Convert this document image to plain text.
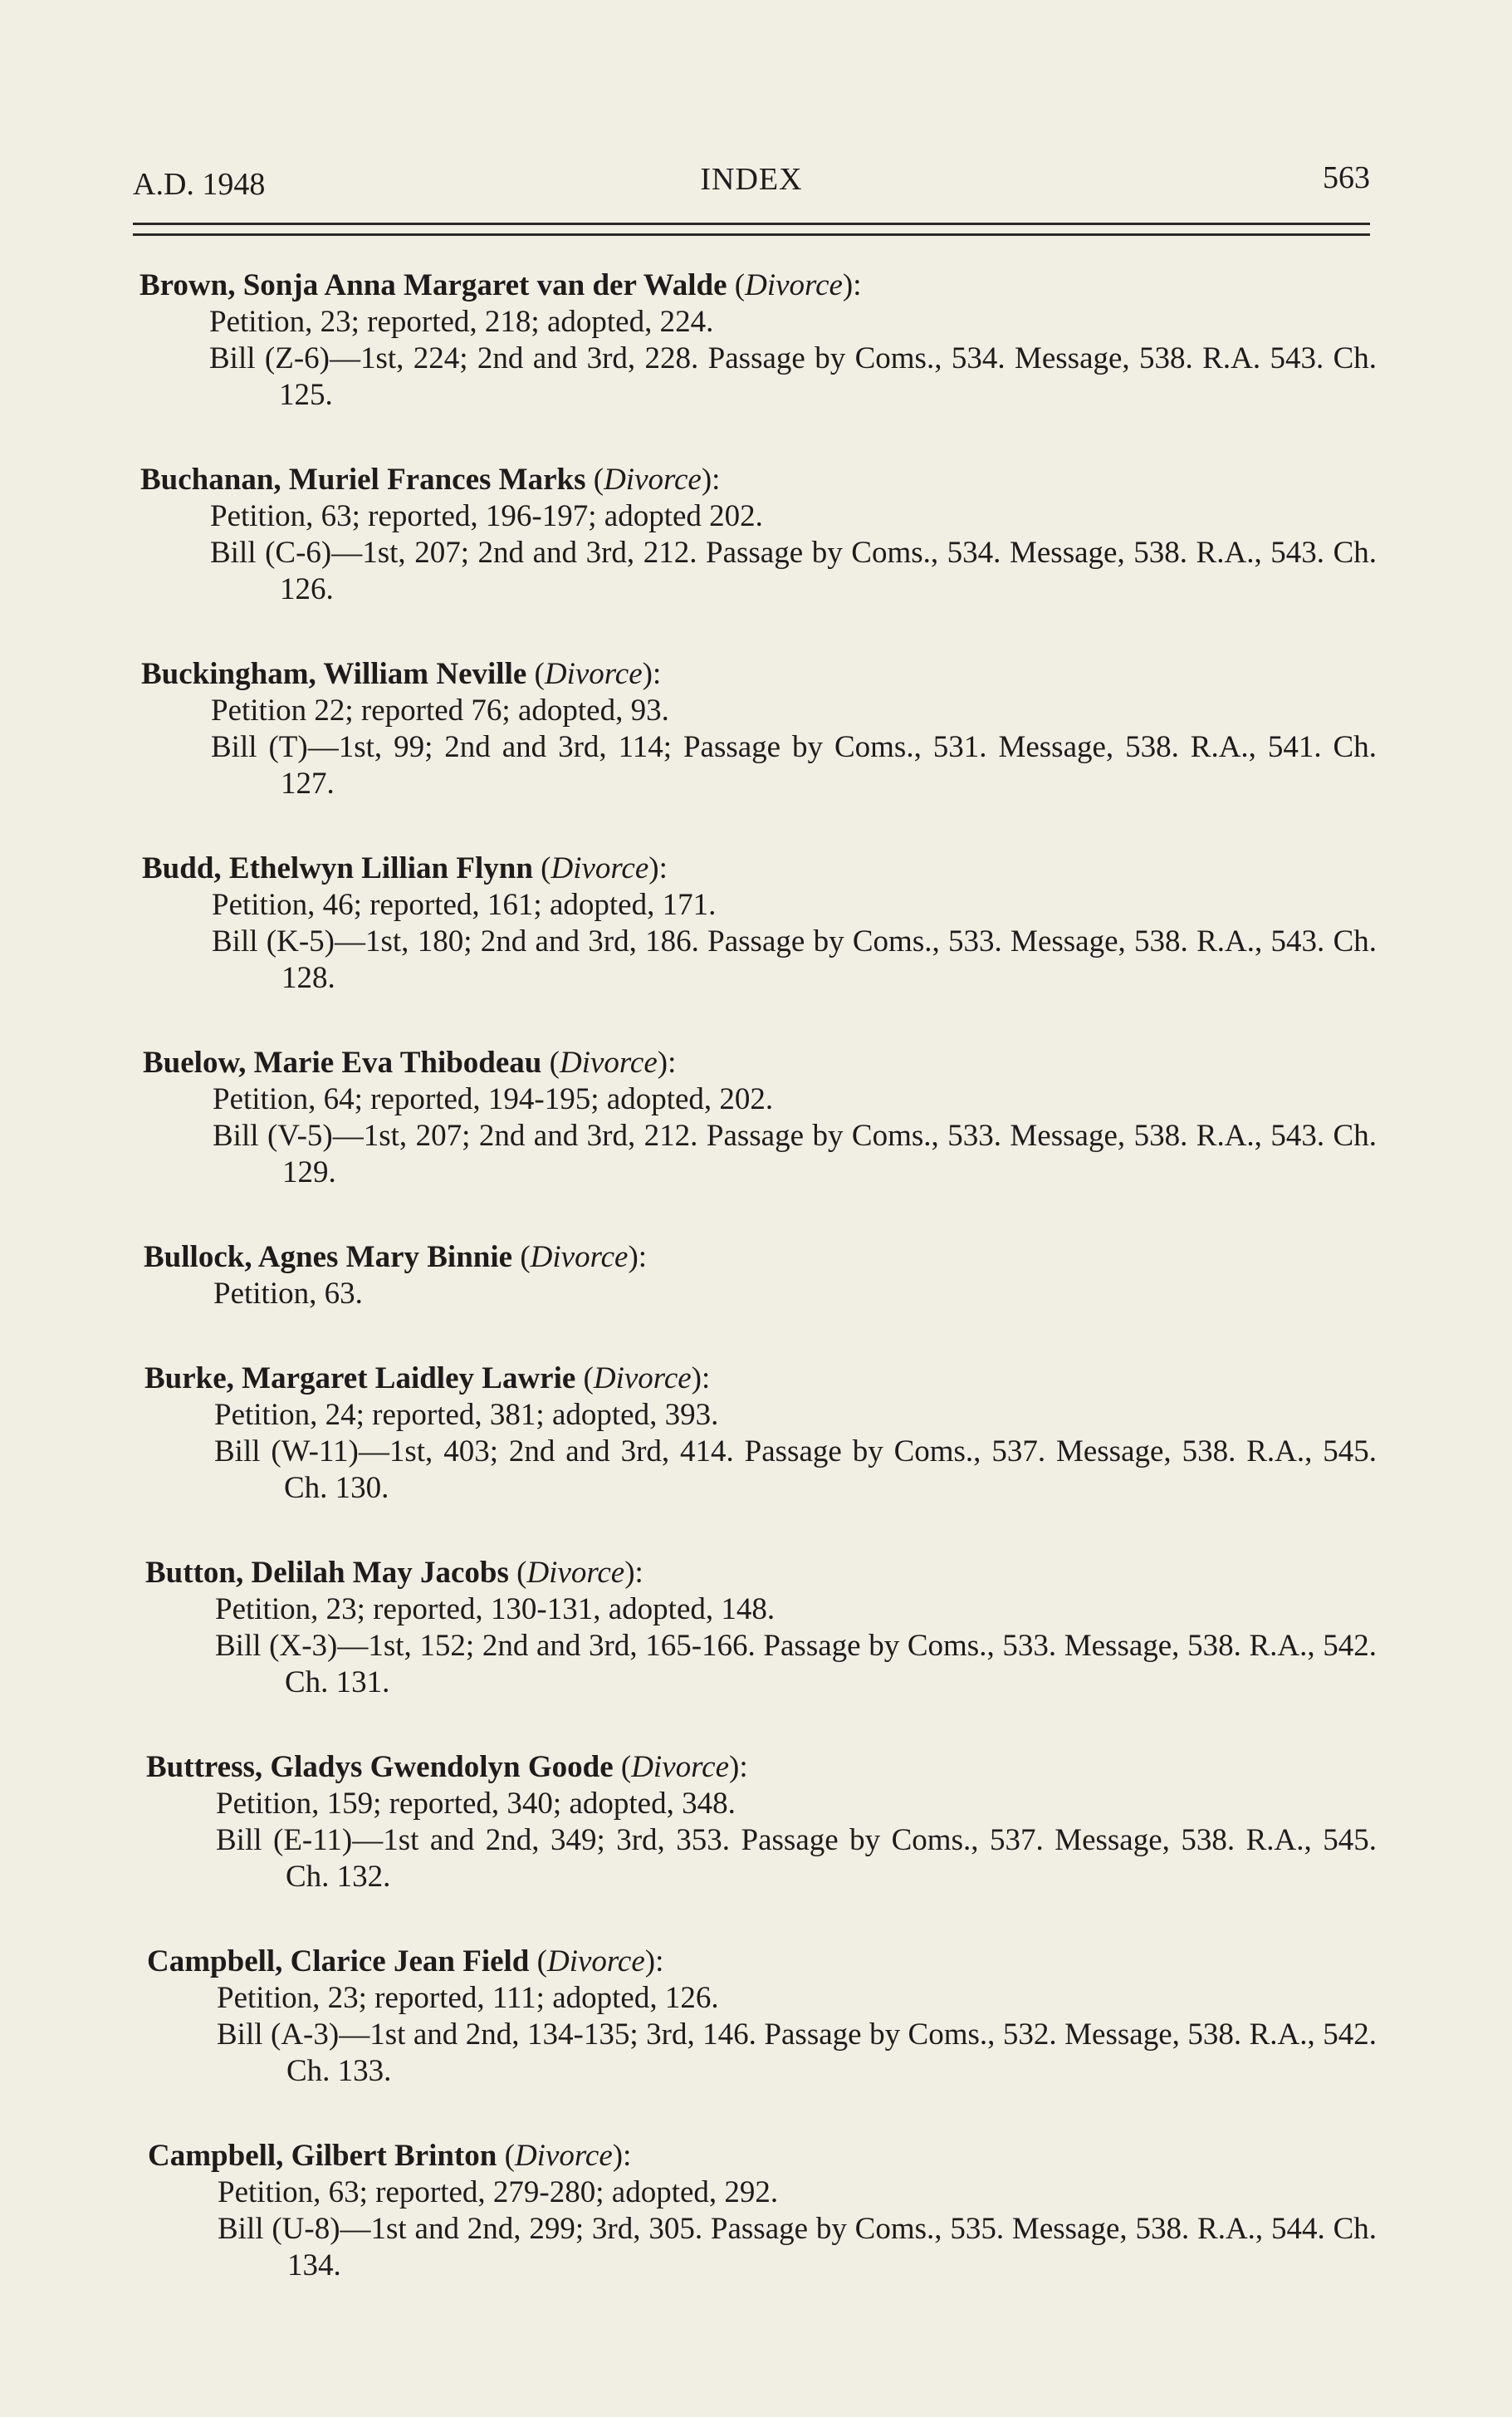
A.D. 1948	INDEX	563
Brown, Sonja Anna Margaret van der Walde (Divorce):
Petition, 23; reported, 218; adopted, 224.
Bill (Z-6)—1st, 224; 2nd and 3rd, 228. Passage by Coms., 534. Message, 538. R.A. 543. Ch. 125.
Buchanan, Muriel Frances Marks (Divorce):
Petition, 63; reported, 196-197; adopted 202.
Bill (C-6)—1st, 207; 2nd and 3rd, 212. Passage by Coms., 534. Message, 538. R.A., 543. Ch. 126.
Buckingham, William Neville (Divorce):
Petition 22; reported 76; adopted, 93.
Bill (T)—1st, 99; 2nd and 3rd, 114; Passage by Coms., 531. Message, 538. R.A., 541. Ch. 127.
Budd, Ethelwyn Lillian Flynn (Divorce):
Petition, 46; reported, 161; adopted, 171.
Bill (K-5)—1st, 180; 2nd and 3rd, 186. Passage by Coms., 533. Message, 538. R.A., 543. Ch. 128.
Buelow, Marie Eva Thibodeau (Divorce):
Petition, 64; reported, 194-195; adopted, 202.
Bill (V-5)—1st, 207; 2nd and 3rd, 212. Passage by Coms., 533. Message, 538. R.A., 543. Ch. 129.
Bullock, Agnes Mary Binnie (Divorce):
Petition, 63.
Burke, Margaret Laidley Lawrie (Divorce):
Petition, 24; reported, 381; adopted, 393.
Bill (W-11)—1st, 403; 2nd and 3rd, 414. Passage by Coms., 537. Message, 538. R.A., 545. Ch. 130.
Button, Delilah May Jacobs (Divorce):
Petition, 23; reported, 130-131, adopted, 148.
Bill (X-3)—1st, 152; 2nd and 3rd, 165-166. Passage by Coms., 533. Message, 538. R.A., 542. Ch. 131.
Buttress, Gladys Gwendolyn Goode (Divorce):
Petition, 159; reported, 340; adopted, 348.
Bill (E-11)—1st and 2nd, 349; 3rd, 353. Passage by Coms., 537. Message, 538. R.A., 545. Ch. 132.
Campbell, Clarice Jean Field (Divorce):
Petition, 23; reported, 111; adopted, 126.
Bill (A-3)—1st and 2nd, 134-135; 3rd, 146. Passage by Coms., 532. Message, 538. R.A., 542. Ch. 133.
Campbell, Gilbert Brinton (Divorce):
Petition, 63; reported, 279-280; adopted, 292.
Bill (U-8)—1st and 2nd, 299; 3rd, 305. Passage by Coms., 535. Message, 538. R.A., 544. Ch. 134.
